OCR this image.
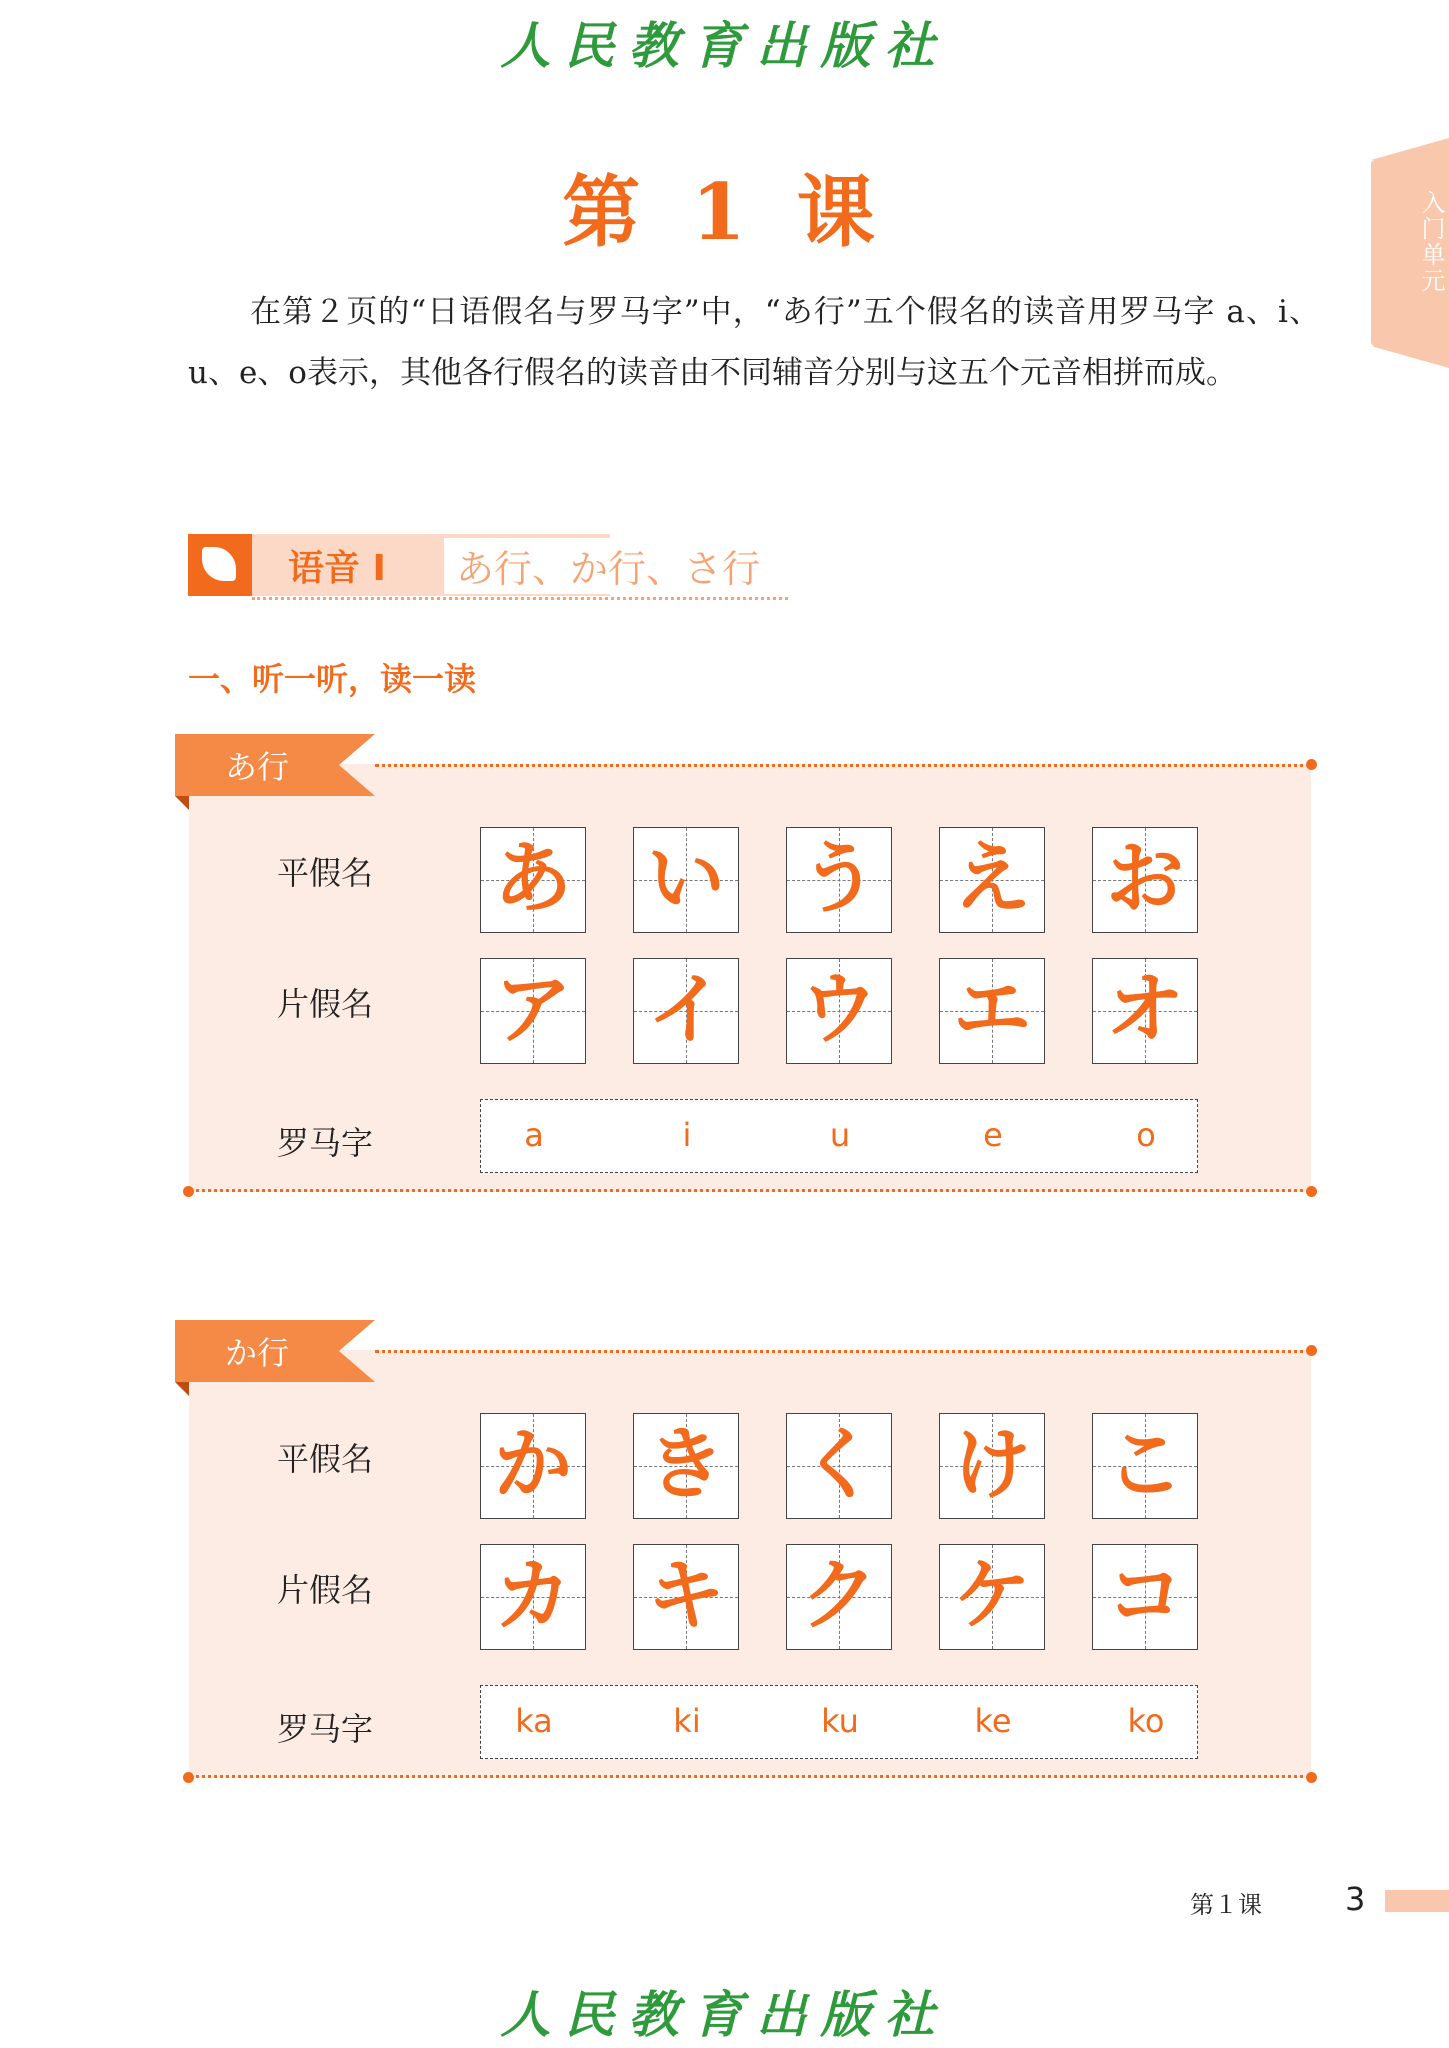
人民教育出版社
入门单元
第 1 课

在第２页的“日语假名与罗马字”中，“あ行”五个假名的读音用罗马字 a、i、u、e、o表示，其他各行假名的读音由不同辅音分别与这五个元音相拼而成。

语音 Ⅰ	あ行、か行、さ行
一、听一听，读一读
あ行
平假名 あ い う え お
片假名 ア イ ウ エ オ
罗马字	a	i	u	e	o
か行
平假名 か き く け こ
片假名 カ キ ク ケ コ
罗马字	ka	ki	ku	ke	ko
第１课	3
人民教育出版社
